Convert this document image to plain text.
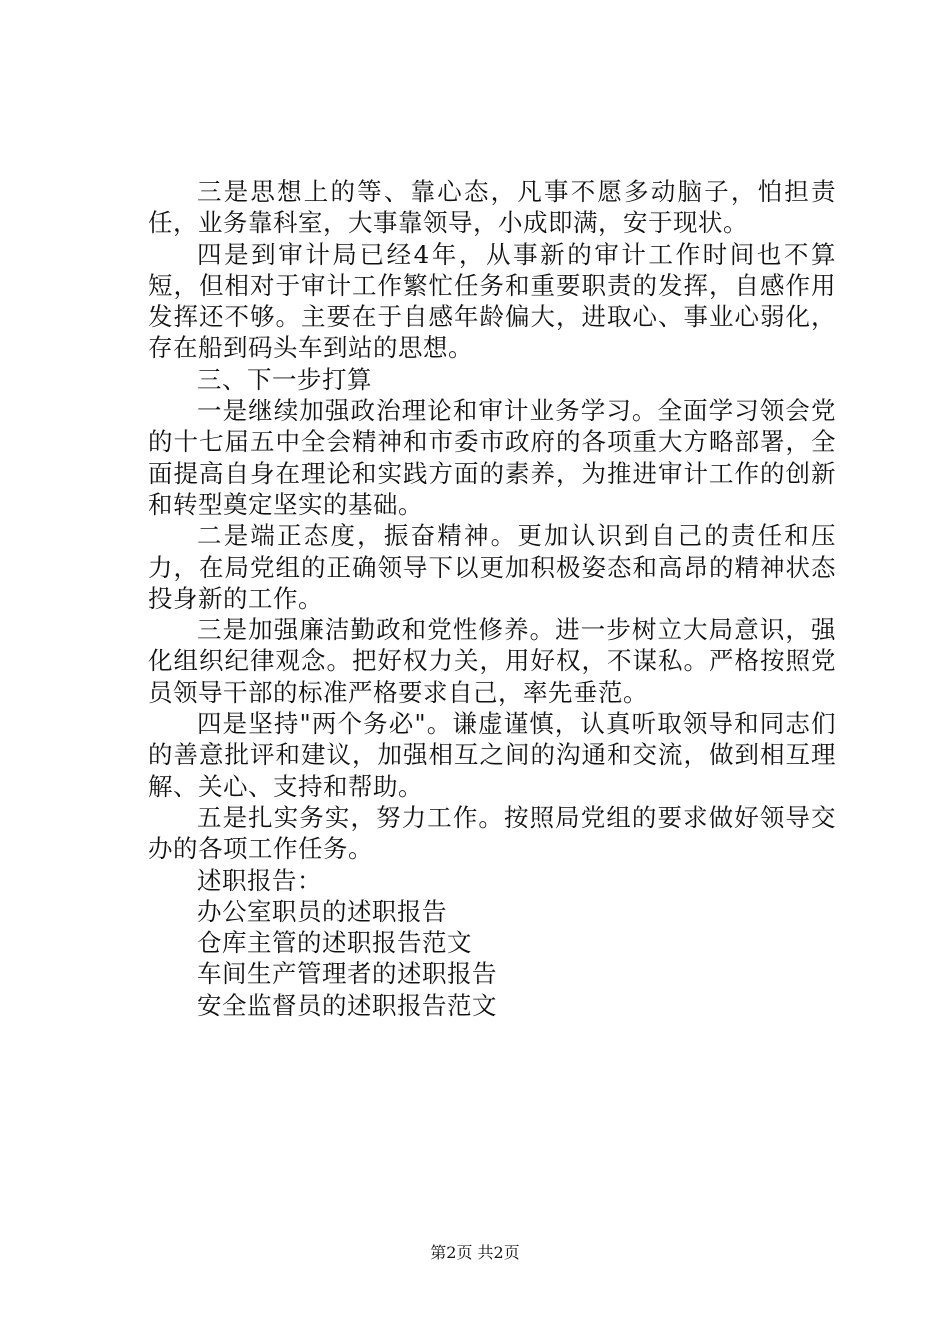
三是思想上的等、靠心态，凡事不愿多动脑子，怕担责任，业务靠科室，大事靠领导，小成即满，安于现状。

四是到审计局已经4年，从事新的审计工作时间也不算短，但相对于审计工作繁忙任务和重要职责的发挥，自感作用发挥还不够。主要在于自感年龄偏大，进取心、事业心弱化，存在船到码头车到站的思想。

三、下一步打算

一是继续加强政治理论和审计业务学习。全面学习领会党的十七届五中全会精神和市委市政府的各项重大方略部署，全面提高自身在理论和实践方面的素养，为推进审计工作的创新和转型奠定坚实的基础。

二是端正态度，振奋精神。更加认识到自己的责任和压力，在局党组的正确领导下以更加积极姿态和高昂的精神状态投身新的工作。

三是加强廉洁勤政和党性修养。进一步树立大局意识，强化组织纪律观念。把好权力关，用好权，不谋私。严格按照党员领导干部的标准严格要求自己，率先垂范。

四是坚持"两个务必"。谦虚谨慎，认真听取领导和同志们的善意批评和建议，加强相互之间的沟通和交流，做到相互理解、关心、支持和帮助。

五是扎实务实，努力工作。按照局党组的要求做好领导交办的各项工作任务。

述职报告：

办公室职员的述职报告

仓库主管的述职报告范文

车间生产管理者的述职报告

安全监督员的述职报告范文

第2页 共2页
